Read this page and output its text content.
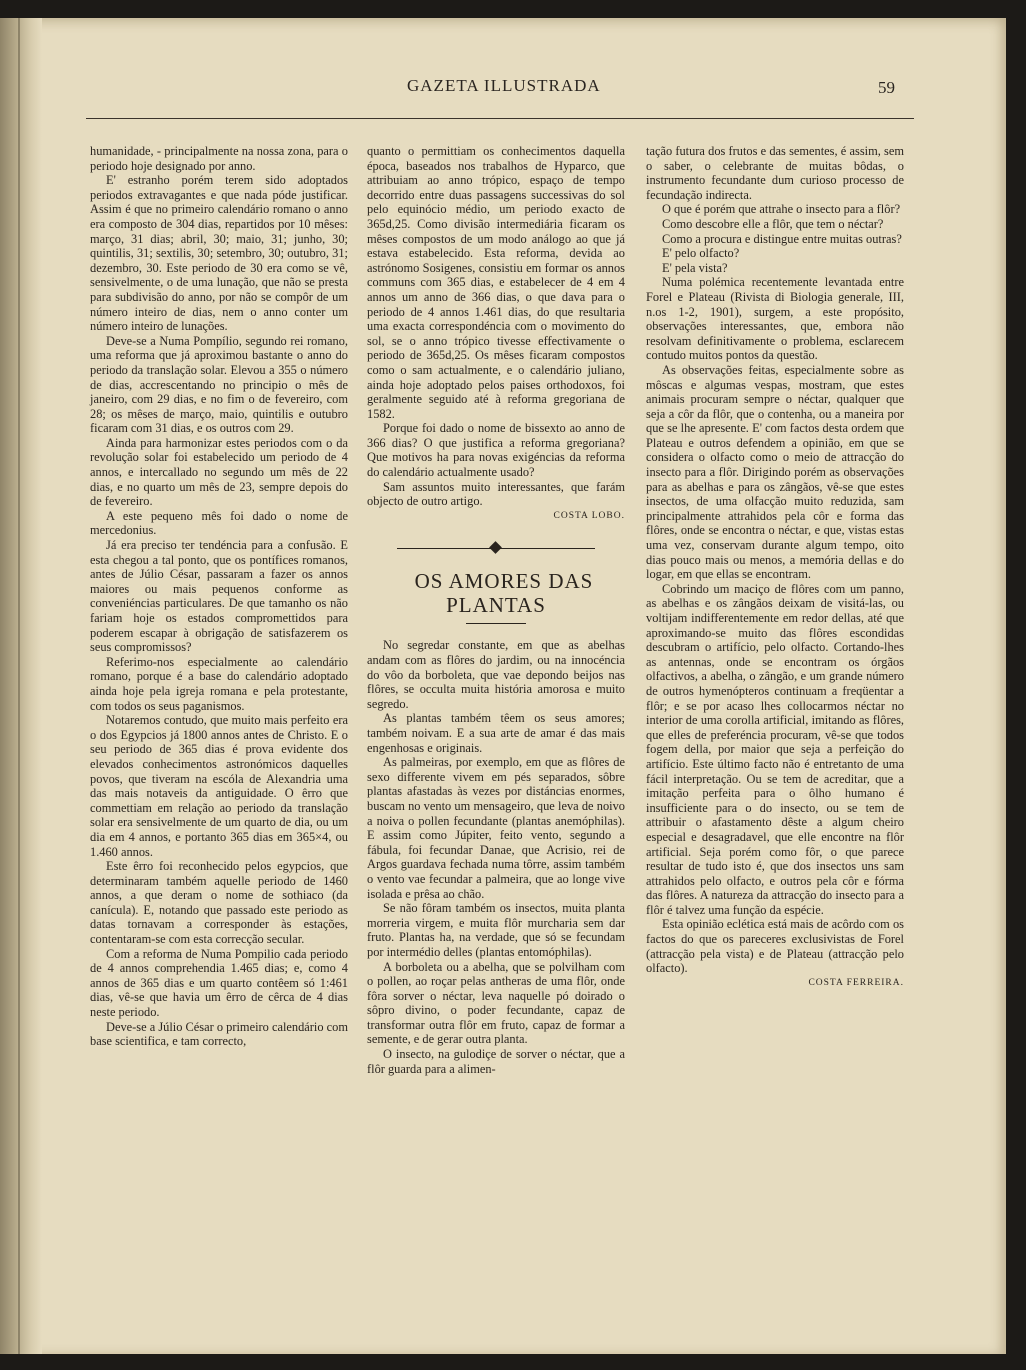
GAZETA ILLUSTRADA	59

humanidade, - principalmente na nossa zona, para o periodo hoje designado por anno.

E' estranho porém terem sido adoptados periodos extravagantes e que nada póde justificar. Assim é que no primeiro calendário romano o anno era composto de 304 dias, repartidos por 10 mêses: março, 31 dias; abril, 30; maio, 31; junho, 30; quintilis, 31; sextilis, 30; setembro, 30; outubro, 31; dezembro, 30. Este periodo de 30 era como se vê, sensivelmente, o de uma lunação, que não se presta para subdivisão do anno, por não se compôr de um número inteiro de dias, nem o anno conter um número inteiro de lunações.

Deve-se a Numa Pompílio, segundo rei romano, uma reforma que já aproximou bastante o anno do periodo da translação solar. Elevou a 355 o número de dias, accrescentando no principio o mês de janeiro, com 29 dias, e no fim o de fevereiro, com 28; os mêses de março, maio, quintilis e outubro ficaram com 31 dias, e os outros com 29.

Ainda para harmonizar estes periodos com o da revolução solar foi estabelecido um periodo de 4 annos, e intercallado no segundo um mês de 22 dias, e no quarto um mês de 23, sempre depois do de fevereiro.

A este pequeno mês foi dado o nome de mercedonius.

Já era preciso ter tendéncia para a confusão. E esta chegou a tal ponto, que os pontífices romanos, antes de Júlio César, passaram a fazer os annos maiores ou mais pequenos conforme as conveniéncias particulares. De que tamanho os não fariam hoje os estados compromettidos para poderem escapar à obrigação de satisfazerem os seus compromissos?

Referimo-nos especialmente ao calendário romano, porque é a base do calendário adoptado ainda hoje pela igreja romana e pela protestante, com todos os seus paganismos.

Notaremos contudo, que muito mais perfeito era o dos Egypcios já 1800 annos antes de Christo. E o seu periodo de 365 dias é prova evidente dos elevados conhecimentos astronómicos daquelles povos, que tiveram na escóla de Alexandria uma das mais notaveis da antiguidade. O êrro que commettiam em relação ao periodo da translação solar era sensivelmente de um quarto de dia, ou um dia em 4 annos, e portanto 365 dias em 365×4, ou 1.460 annos.

Este êrro foi reconhecido pelos egypcios, que determinaram também aquelle periodo de 1460 annos, a que deram o nome de sothiaco (da canícula). E, notando que passado este periodo as datas tornavam a corresponder às estações, contentaram-se com esta correcção secular.

Com a reforma de Numa Pompilio cada periodo de 4 annos comprehendia 1.465 dias; e, como 4 annos de 365 dias e um quarto contêem só 1:461 dias, vê-se que havia um êrro de cêrca de 4 dias neste periodo.

Deve-se a Júlio César o primeiro calendário com base scientifica, e tam correcto,

quanto o permittiam os conhecimentos daquella época, baseados nos trabalhos de Hyparco, que attribuiam ao anno trópico, espaço de tempo decorrido entre duas passagens successivas do sol pelo equinócio médio, um periodo exacto de 365d,25. Como divisão intermediária ficaram os mêses compostos de um modo análogo ao que já estava estabelecido. Esta reforma, devida ao astrónomo Sosigenes, consistiu em formar os annos communs com 365 dias, e estabelecer de 4 em 4 annos um anno de 366 dias, o que dava para o periodo de 4 annos 1.461 dias, do que resultaria uma exacta correspondéncia com o movimento do sol, se o anno trópico tivesse effectivamente o periodo de 365d,25. Os mêses ficaram compostos como o sam actualmente, e o calendário juliano, ainda hoje adoptado pelos paises orthodoxos, foi geralmente seguido até à reforma gregoriana de 1582.

Porque foi dado o nome de bissexto ao anno de 366 dias? O que justifica a reforma gregoriana? Que motivos ha para novas exigéncias da reforma do calendário actualmente usado?

Sam assuntos muito interessantes, que farám objecto de outro artigo.

COSTA LOBO.

OS AMORES DAS PLANTAS

No segredar constante, em que as abelhas andam com as flôres do jardim, ou na innocéncia do vôo da borboleta, que vae depondo beijos nas flôres, se occulta muita história amorosa e muito segredo.

As plantas também têem os seus amores; também noivam. E a sua arte de amar é das mais engenhosas e originais.

As palmeiras, por exemplo, em que as flôres de sexo differente vivem em pés separados, sôbre plantas afastadas às vezes por distáncias enormes, buscam no vento um mensageiro, que leva de noivo a noiva o pollen fecundante (plantas anemóphilas). E assim como Júpiter, feito vento, segundo a fábula, foi fecundar Danae, que Acrisio, rei de Argos guardava fechada numa tôrre, assim também o vento vae fecundar a palmeira, que ao longe vive isolada e prêsa ao chão.

Se não fôram também os insectos, muita planta morreria virgem, e muita flôr murcharia sem dar fruto. Plantas ha, na verdade, que só se fecundam por intermédio delles (plantas entomóphilas).

A borboleta ou a abelha, que se polvilham com o pollen, ao roçar pelas antheras de uma flôr, onde fôra sorver o néctar, leva naquelle pó doirado o sôpro divino, o poder fecundante, capaz de transformar outra flôr em fruto, capaz de formar a semente, e de gerar outra planta.

O insecto, na gulodiçe de sorver o néctar, que a flôr guarda para a alimen-

tação futura dos frutos e das sementes, é assim, sem o saber, o celebrante de muitas bôdas, o instrumento fecundante dum curioso processo de fecundação indirecta.

O que é porém que attrahe o insecto para a flôr?

Como descobre elle a flôr, que tem o néctar?

Como a procura e distingue entre muitas outras?

E' pelo olfacto?

E' pela vista?

Numa polémica recentemente levantada entre Forel e Plateau (Rivista di Biologia generale, III, n.os 1-2, 1901), surgem, a este propósito, observações interessantes, que, embora não resolvam definitivamente o problema, esclarecem contudo muitos pontos da questão.

As observações feitas, especialmente sobre as môscas e algumas vespas, mostram, que estes animais procuram sempre o néctar, qualquer que seja a côr da flôr, que o contenha, ou a maneira por que se lhe apresente. E' com factos desta ordem que Plateau e outros defendem a opinião, em que se considera o olfacto como o meio de attracção do insecto para a flôr. Dirigindo porém as observações para as abelhas e para os zângãos, vê-se que estes insectos, de uma olfacção muito reduzida, sam principalmente attrahidos pela côr e forma das flôres, onde se encontra o néctar, e que, vistas estas uma vez, conservam durante algum tempo, oito dias pouco mais ou menos, a memória dellas e do logar, em que ellas se encontram.

Cobrindo um maciço de flôres com um panno, as abelhas e os zângãos deixam de visitá-las, ou voltijam indifferentemente em redor dellas, até que aproximando-se muito das flôres escondidas descubram o artifício, pelo olfacto. Cortando-lhes as antennas, onde se encontram os órgãos olfactivos, a abelha, o zângão, e um grande número de outros hymenópteros continuam a freqüentar a flôr; e se por acaso lhes collocarmos néctar no interior de uma corolla artificial, imitando as flôres, que elles de preferéncia procuram, vê-se que todos fogem della, por maior que seja a perfeição do artifício. Este último facto não é entretanto de uma fácil interpretação. Ou se tem de acreditar, que a imitação perfeita para o ôlho humano é insufficiente para o do insecto, ou se tem de attribuir o afastamento dêste a algum cheiro especial e desagradavel, que elle encontre na flôr artificial. Seja porém como fôr, o que parece resultar de tudo isto é, que dos insectos uns sam attrahidos pelo olfacto, e outros pela côr e fórma das flôres. A natureza da attracção do insecto para a flôr é talvez uma função da espécie.

Esta opinião eclética está mais de acôrdo com os factos do que os pareceres exclusivistas de Forel (attracção pela vista) e de Plateau (attracção pelo olfacto).

COSTA FERREIRA.
